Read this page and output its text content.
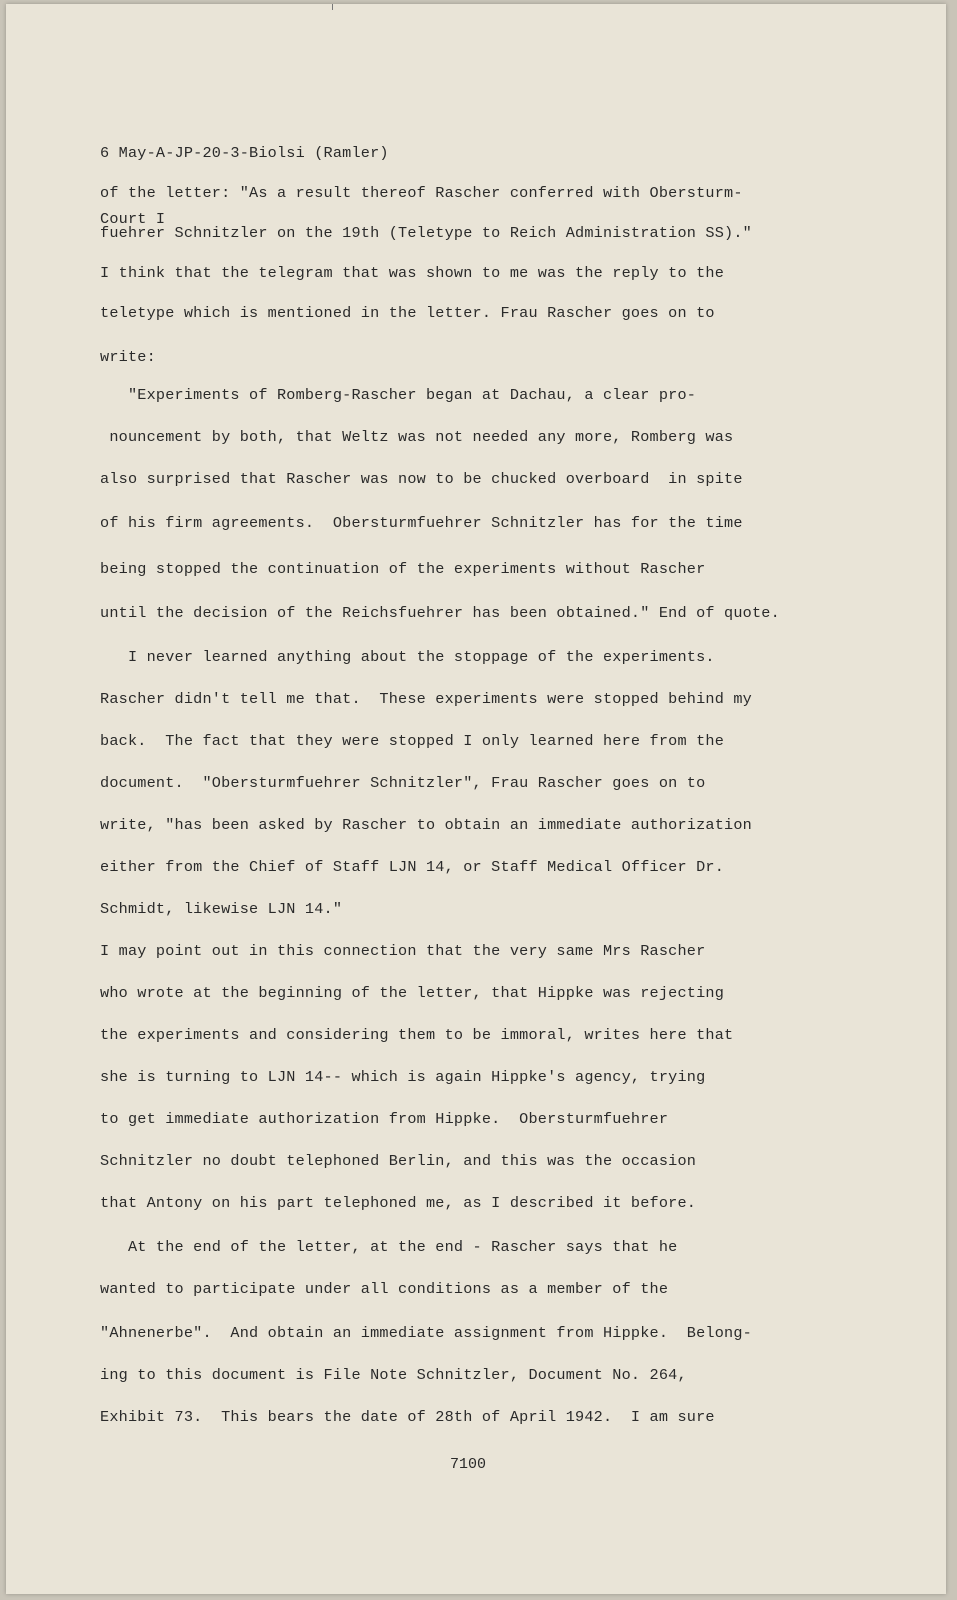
6 May-A-JP-20-3-Biolsi (Ramler)

Court I

of the letter: "As a result thereof Rascher conferred with Obersturm-

fuehrer Schnitzler on the 19th (Teletype to Reich Administration SS)."

I think that the telegram that was shown to me was the reply to the

teletype which is mentioned in the letter. Frau Rascher goes on to

write:

"Experiments of Romberg-Rascher began at Dachau, a clear pro-

nouncement by both, that Weltz was not needed any more, Romberg was

also surprised that Rascher was now to be chucked overboard  in spite

of his firm agreements.  Obersturmfuehrer Schnitzler has for the time

being stopped the continuation of the experiments without Rascher

until the decision of the Reichsfuehrer has been obtained." End of quote.

I never learned anything about the stoppage of the experiments.

Rascher didn't tell me that.  These experiments were stopped behind my

back.  The fact that they were stopped I only learned here from the

document.  "Obersturmfuehrer Schnitzler", Frau Rascher goes on to

write, "has been asked by Rascher to obtain an immediate authorization

either from the Chief of Staff LJN 14, or Staff Medical Officer Dr.

Schmidt, likewise LJN 14."

I may point out in this connection that the very same Mrs Rascher

who wrote at the beginning of the letter, that Hippke was rejecting

the experiments and considering them to be immoral, writes here that

she is turning to LJN 14-- which is again Hippke's agency, trying

to get immediate authorization from Hippke.  Obersturmfuehrer

Schnitzler no doubt telephoned Berlin, and this was the occasion

that Antony on his part telephoned me, as I described it before.

At the end of the letter, at the end - Rascher says that he

wanted to participate under all conditions as a member of the

"Ahnenerbe".  And obtain an immediate assignment from Hippke.  Belong-

ing to this document is File Note Schnitzler, Document No. 264,

Exhibit 73.  This bears the date of 28th of April 1942.  I am sure

7100
